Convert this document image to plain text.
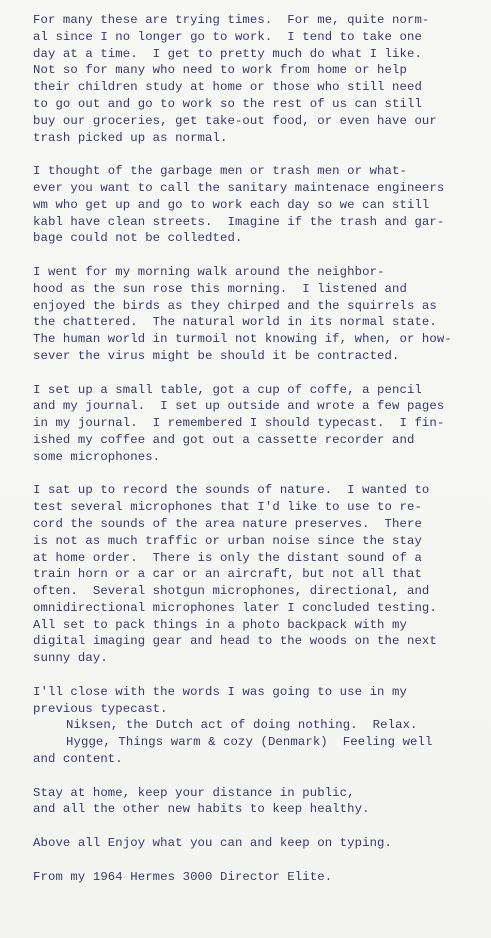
For many these are trying times.  For me, quite norm-
al since I no longer go to work.  I tend to take one
day at a time.  I get to pretty much do what I like.
Not so for many who need to work from home or help
their children study at home or those who still need
to go out and go to work so the rest of us can still
buy our groceries, get take-out food, or even have our
trash picked up as normal.
I thought of the garbage men or trash men or what-
ever you want to call the sanitary maintenace engineers
wm who get up and go to work each day so we can still
kabl have clean streets.  Imagine if the trash and gar-
bage could not be colledted.
I went for my morning walk around the neighbor-
hood as the sun rose this morning.  I listened and
enjoyed the birds as they chirped and the squirrels as
the chattered.  The natural world in its normal state.
The human world in turmoil not knowing if, when, or how-
sever the virus might be should it be contracted.
I set up a small table, got a cup of coffe, a pencil
and my journal.  I set up outside and wrote a few pages
in my journal.  I remembered I should typecast.  I fin-
ished my coffee and got out a cassette recorder and
some microphones.
I sat up to record the sounds of nature.  I wanted to
test several microphones that I'd like to use to re-
cord the sounds of the area nature preserves.  There
is not as much traffic or urban noise since the stay
at home order.  There is only the distant sound of a
train horn or a car or an aircraft, but not all that
often.  Several shotgun microphones, directional, and
omnidirectional microphones later I concluded testing.
All set to pack things in a photo backpack with my
digital imaging gear and head to the woods on the next
sunny day.
I'll close with the words I was going to use in my
previous typecast.
Niksen, the Dutch act of doing nothing.  Relax.
Hygge, Things warm & cozy (Denmark)  Feeling well
and content.
Stay at home, keep your distance in public,
and all the other new habits to keep healthy.
Above all Enjoy what you can and keep on typing.
From my 1964 Hermes 3000 Director Elite.
